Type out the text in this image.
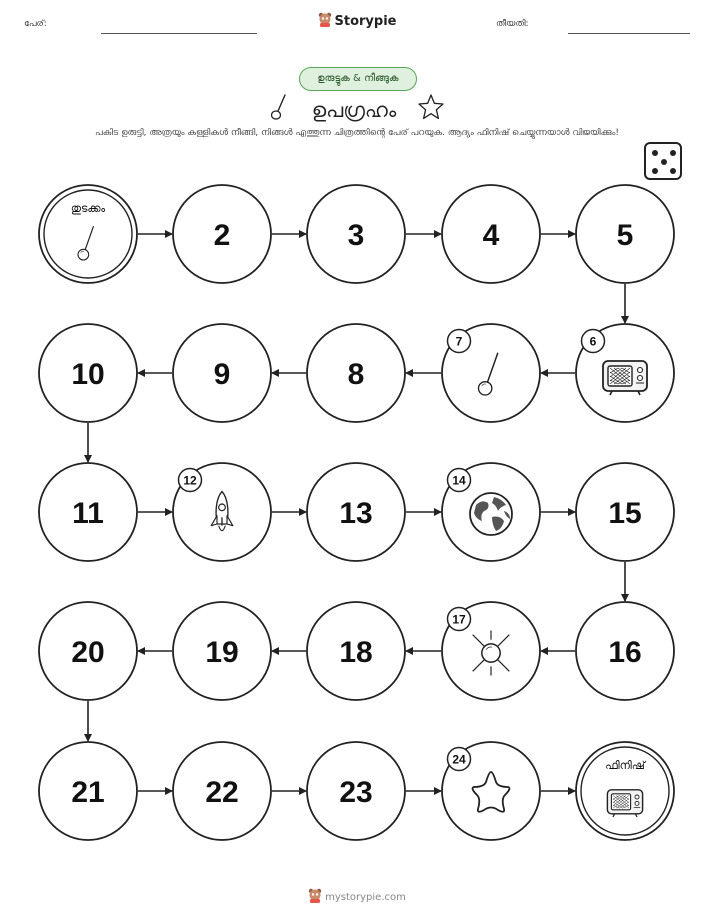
പേര്:	Storypie	തീയതി:
ഉരുട്ടുക & നീങ്ങുക
ഉപഗ്രഹം
പകിട ഉരുട്ടി, അത്രയും കള്ളികൾ നീങ്ങി, നിങ്ങൾ എത്തുന്ന ചിത്രത്തിന്റെ പേര് പറയുക. ആദ്യം ഫിനിഷ് ചെയ്യുന്നയാൾ വിജയിക്കും!
തുടക്കം
2	3	4	5
6
7
8
9
10
11
12
13
14
15
16
17
18
19
20
21	22	23
24	ഫിനിഷ്
mystorypie.com
